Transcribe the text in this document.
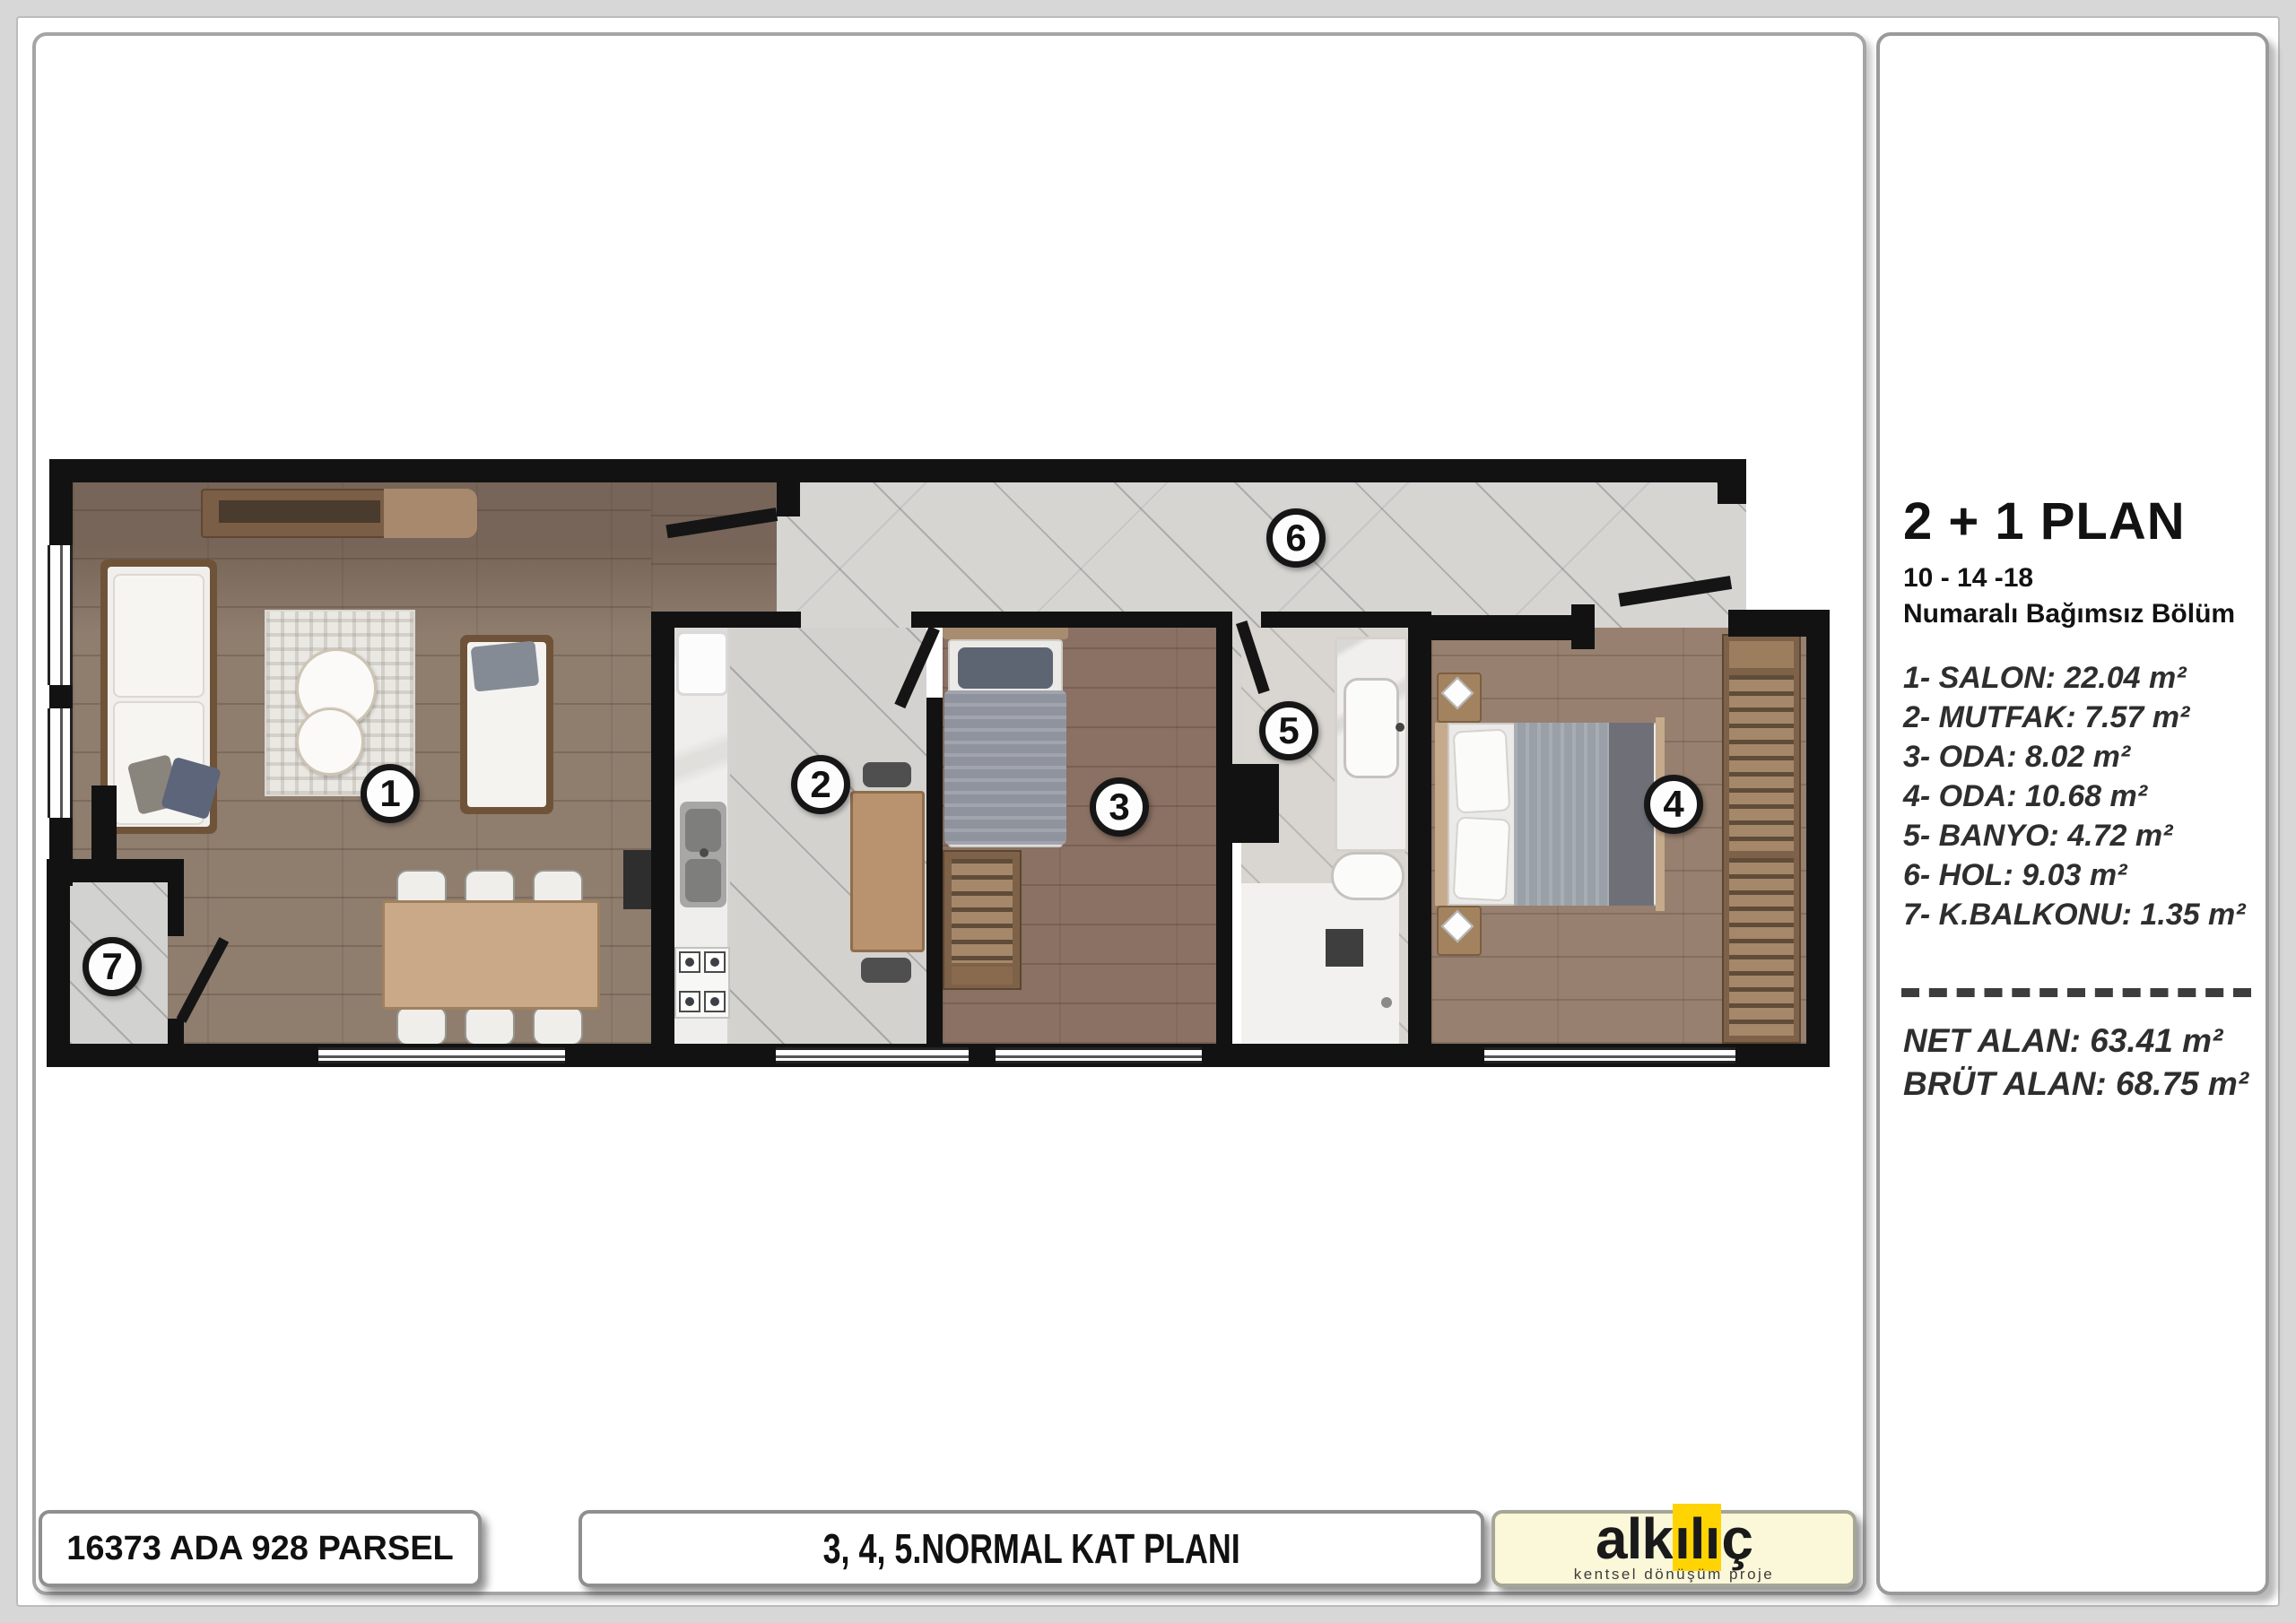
1	2
3	4
5
6
7
2 + 1 PLAN
10 - 14 -18
Numaralı Bağımsız Bölüm
1- SALON: 22.04 m²
2- MUTFAK: 7.57 m²
3- ODA: 8.02 m²
4- ODA: 10.68 m²
5- BANYO: 4.72 m²
6- HOL: 9.03 m²
7- K.BALKONU: 1.35 m²
NET ALAN: 63.41 m²
BRÜT ALAN: 68.75 m²
16373 ADA 928 PARSEL	3, 4, 5.NORMAL KAT PLANI	alkılıç
kentsel dönüşüm proje
